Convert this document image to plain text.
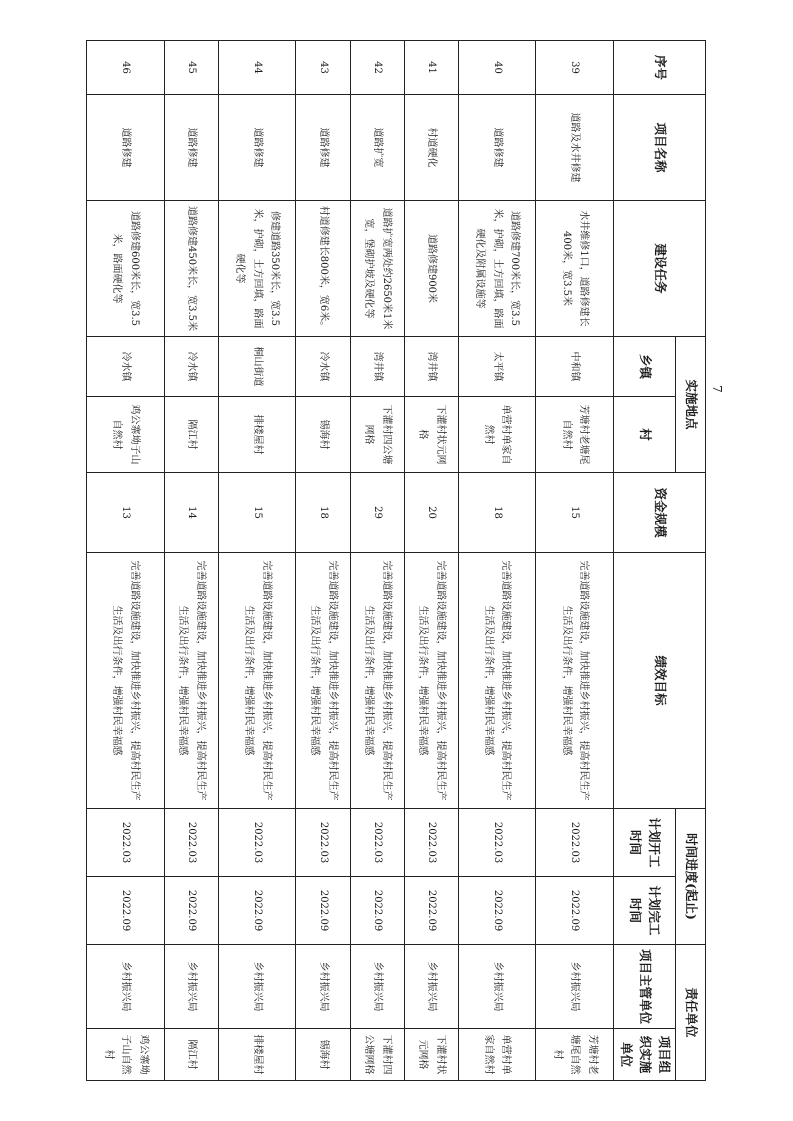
序号	项目名称	建设任务	实施地点		资金规模	绩效目标	时间进度(起止)		责任单位	
			乡镇	村			计划开工时间	计划完工时间	项目主管单位	项目组织实施单位
39	道路及水井修建	水井维修1口，道路修建长400米，宽3.5米	中和镇	芳塘村老塘尾自然村	15	完善道路设施建设，加快推进乡村振兴，提高村民生产生活及出行条件，增强村民幸福感	2022.03	2022.09	乡村振兴局	芳塘村老塘尾自然村
40	道路修建	道路修建700米长，宽3.5米，护砌，土方回填，路面硬化及附属设施等	太平镇	单营村单家自然村	18	完善道路设施建设，加快推进乡村振兴，提高村民生产生活及出行条件，增强村民幸福感	2022.03	2022.09	乡村振兴局	单营村单家自然村
41	村道硬化	道路修建900米	湾井镇	下灌村状元网格	20	完善道路设施建设，加快推进乡村振兴，提高村民生产生活及出行条件，增强村民幸福感	2022.03	2022.09	乡村振兴局	下灌村状元网格
42	道路扩宽	道路扩宽两处约2650米1米宽，堡砌护坡及硬化等	湾井镇	下灌村四公塘网格	29	完善道路设施建设，加快推进乡村振兴，提高村民生产生活及出行条件，增强村民幸福感	2022.03	2022.09	乡村振兴局	下灌村四公塘网格
43	道路修建	村道修建长800米，宽6米。	冷水镇	锡海村	18	完善道路设施建设，加快推进乡村振兴，提高村民生产生活及出行条件，增强村民幸福感	2022.03	2022.09	乡村振兴局	锡海村
44	道路修建	修建道路350米长，宽3.5米，护砌，土方回填，路面硬化等	桐山街道	排楼屋村	15	完善道路设施建设，加快推进乡村振兴，提高村民生产生活及出行条件，增强村民幸福感	2022.03	2022.09	乡村振兴局	排楼屋村
45	道路修建	道路修建450米长，宽3.5米	冷水镇	隔江村	14	完善道路设施建设，加快推进乡村振兴，提高村民生产生活及出行条件，增强村民幸福感	2022.03	2022.09	乡村振兴局	隔江村
46	道路修建	道路修建600米长，宽3.5米，路面硬化等	冷水镇	鸡公寨坳子山自然村	13	完善道路设施建设，加快推进乡村振兴，提高村民生产生活及出行条件，增强村民幸福感	2022.03	2022.09	乡村振兴局	鸡公寨坳子山自然村
7
